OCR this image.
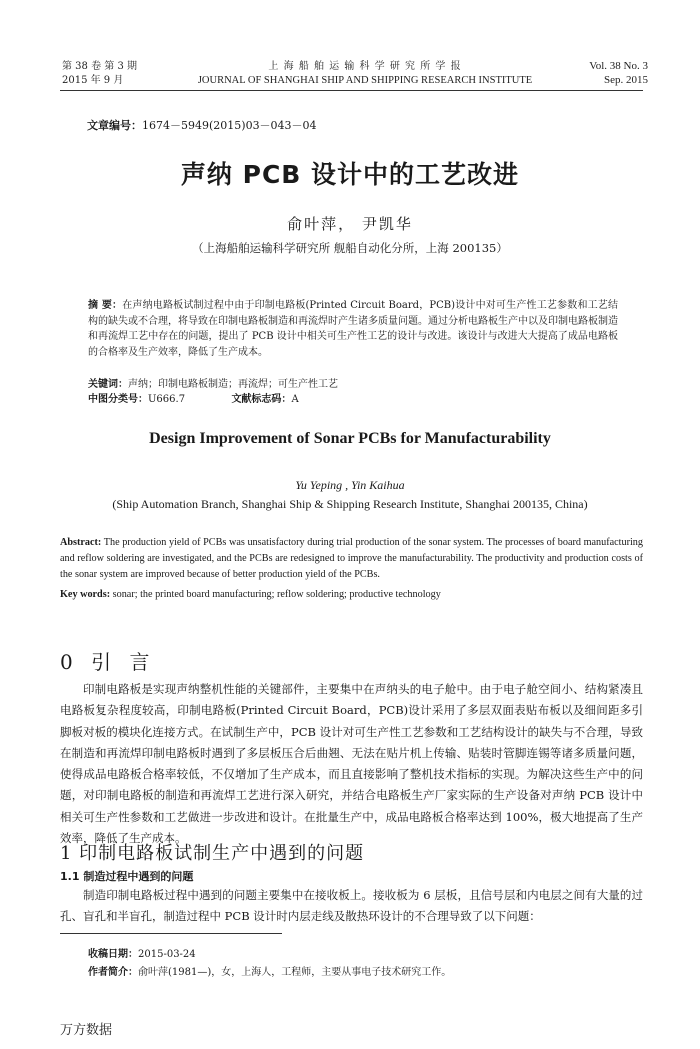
第 38 卷 第 3 期
2015 年 9 月
上 海 船 舶 运 输 科 学 研 究 所 学 报
JOURNAL OF SHANGHAI SHIP AND SHIPPING RESEARCH INSTITUTE
Vol. 38 No. 3
Sep. 2015
文章编号：1674－5949(2015)03－043－04
声纳 PCB 设计中的工艺改进
俞叶萍， 尹凯华
（上海船舶运输科学研究所 舰船自动化分所，上海 200135）
摘 要：在声纳电路板试制过程中由于印制电路板(Printed Circuit Board，PCB)设计中对可生产性工艺参数和工艺结构的缺失或不合理，将导致在印制电路板制造和再流焊时产生诸多质量问题。通过分析电路板生产中以及印制电路板制造和再流焊工艺中存在的问题，提出了 PCB 设计中相关可生产性工艺的设计与改进。该设计与改进大大提高了成品电路板的合格率及生产效率，降低了生产成本。
关键词：声纳；印制电路板制造；再流焊；可生产性工艺
中图分类号：U666.7	文献标志码：A
Design Improvement of Sonar PCBs for Manufacturability
Yu Yeping , Yin Kaihua
(Ship Automation Branch, Shanghai Ship & Shipping Research Institute, Shanghai 200135, China)
Abstract: The production yield of PCBs was unsatisfactory during trial production of the sonar system. The processes of board manufacturing and reflow soldering are investigated, and the PCBs are redesigned to improve the manufacturability. The productivity and production costs of the sonar system are improved because of better production yield of the PCBs.
Key words: sonar; the printed board manufacturing; reflow soldering; productive technology
0 引 言

印制电路板是实现声纳整机性能的关键部件，主要集中在声纳头的电子舱中。由于电子舱空间小、结构紧凑且电路板复杂程度较高，印制电路板(Printed Circuit Board，PCB)设计采用了多层双面表贴布板以及细间距多引脚板对板的模块化连接方式。在试制生产中，PCB 设计对可生产性工艺参数和工艺结构设计的缺失与不合理，导致在制造和再流焊印制电路板时遇到了多层板压合后曲翘、无法在贴片机上传输、贴装时管脚连锡等诸多质量问题，使得成品电路板合格率较低，不仅增加了生产成本，而且直接影响了整机技术指标的实现。为解决这些生产中的问题，对印制电路板的制造和再流焊工艺进行深入研究，并结合电路板生产厂家实际的生产设备对声纳 PCB 设计中相关可生产性参数和工艺做进一步改进和设计。在批量生产中，成品电路板合格率达到 100%，极大地提高了生产效率，降低了生产成本。

1 印制电路板试制生产中遇到的问题
1.1 制造过程中遇到的问题

制造印制电路板过程中遇到的问题主要集中在接收板上。接收板为 6 层板，且信号层和内电层之间有大量的过孔、盲孔和半盲孔，制造过程中 PCB 设计时内层走线及散热环设计的不合理导致了以下问题：

收稿日期：2015-03-24
作者简介：俞叶萍(1981—)，女，上海人，工程师，主要从事电子技术研究工作。
万方数据
